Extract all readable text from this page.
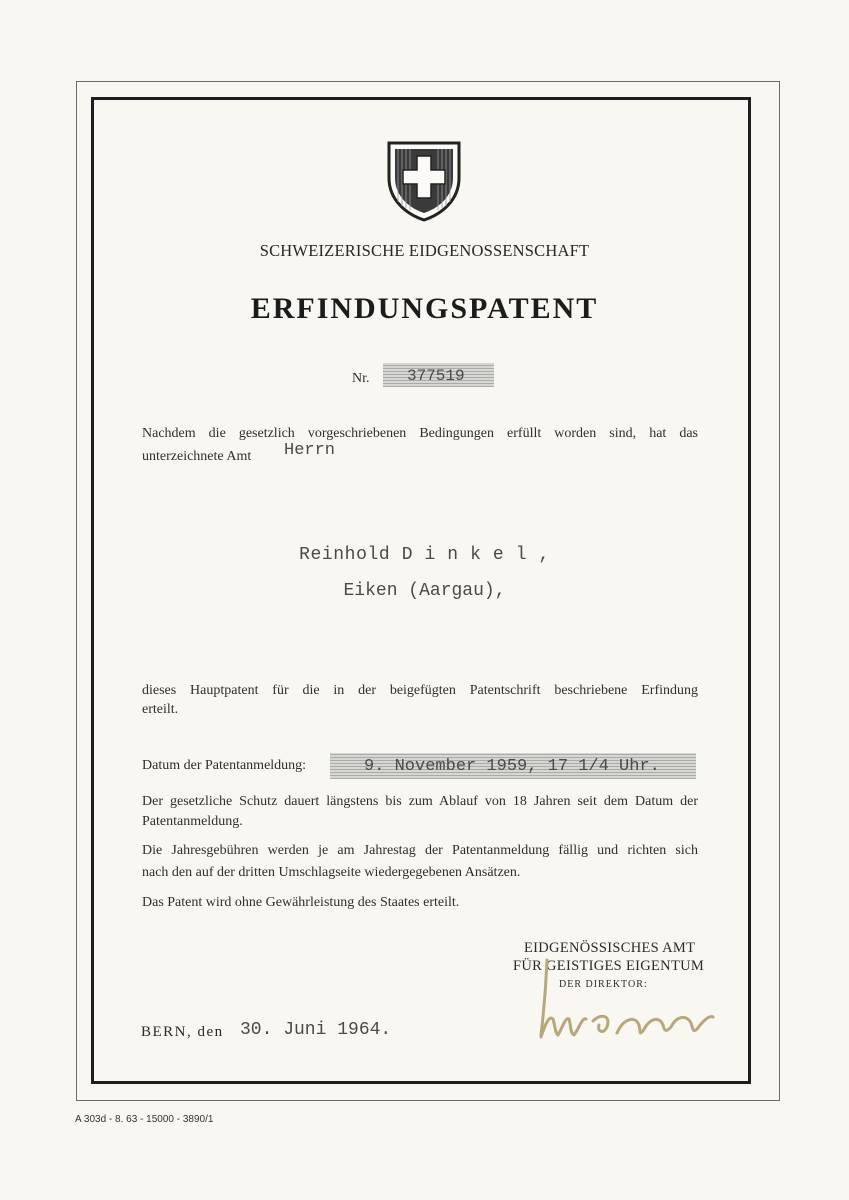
SCHWEIZERISCHE EIDGENOSSENSCHAFT
ERFINDUNGSPATENT
Nr.	377519
Nachdem die gesetzlich vorgeschriebenen Bedingungen erfüllt worden sind, hat das
unterzeichnete Amt Herrn
Reinhold D i n k e l ,
Eiken (Aargau),
dieses Hauptpatent für die in der beigefügten Patentschrift beschriebene Erfindung
erteilt.
Datum der Patentanmeldung:	9. November 1959, 17 1/4 Uhr.
Der gesetzliche Schutz dauert längstens bis zum Ablauf von 18 Jahren seit dem Datum der
Patentanmeldung.
Die Jahresgebühren werden je am Jahrestag der Patentanmeldung fällig und richten sich
nach den auf der dritten Umschlagseite wiedergegebenen Ansätzen.
Das Patent wird ohne Gewährleistung des Staates erteilt.
EIDGENÖSSISCHES AMT
FÜR GEISTIGES EIGENTUM
DER DIREKTOR:
BERN, den 30. Juni 1964.
A 303d - 8. 63 - 15000 - 3890/1
